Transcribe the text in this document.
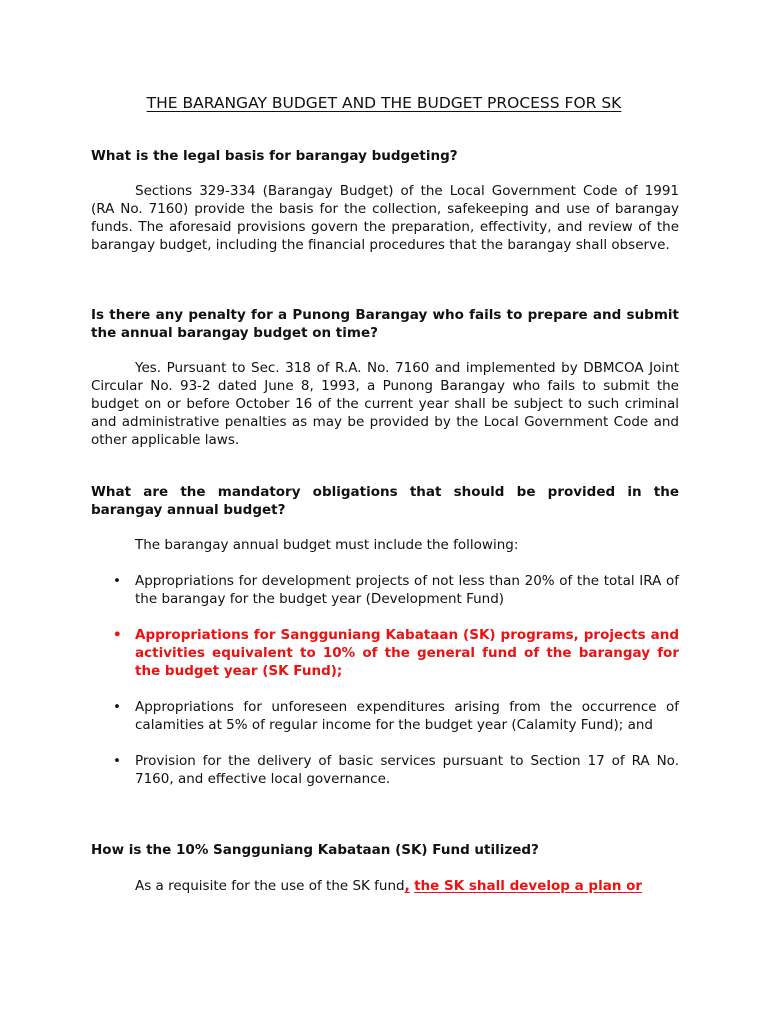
THE BARANGAY BUDGET AND THE BUDGET PROCESS FOR SK
What is the legal basis for barangay budgeting?
Sections 329-334 (Barangay Budget) of the Local Government Code of 1991 (RA No. 7160) provide the basis for the collection, safekeeping and use of barangay funds. The aforesaid provisions govern the preparation, effectivity, and review of the barangay budget, including the financial procedures that the barangay shall observe.
Is there any penalty for a Punong Barangay who fails to prepare and submit the annual barangay budget on time?
Yes. Pursuant to Sec. 318 of R.A. No. 7160 and implemented by DBMCOA Joint Circular No. 93-2 dated June 8, 1993, a Punong Barangay who fails to submit the budget on or before October 16 of the current year shall be subject to such criminal and administrative penalties as may be provided by the Local Government Code and other applicable laws.
What are the mandatory obligations that should be provided in the barangay annual budget?
The barangay annual budget must include the following:
• Appropriations for development projects of not less than 20% of the total IRA of the barangay for the budget year (Development Fund)
• Appropriations for Sangguniang Kabataan (SK) programs, projects and activities equivalent to 10% of the general fund of the barangay for the budget year (SK Fund);
• Appropriations for unforeseen expenditures arising from the occurrence of calamities at 5% of regular income for the budget year (Calamity Fund); and
• Provision for the delivery of basic services pursuant to Section 17 of RA No. 7160, and effective local governance.
How is the 10% Sangguniang Kabataan (SK) Fund utilized?
As a requisite for the use of the SK fund, the SK shall develop a plan or
